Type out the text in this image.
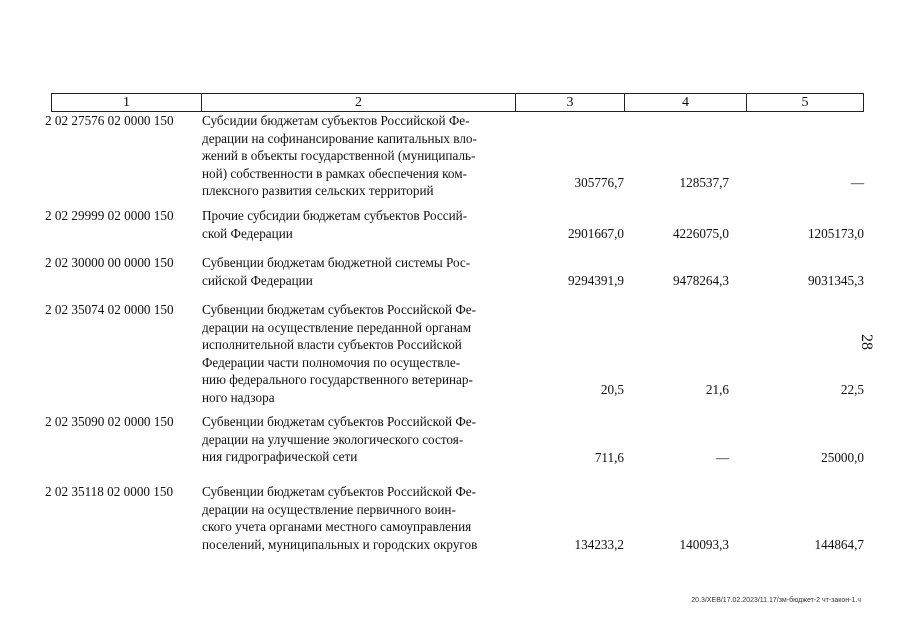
1	2	3	4	5
2 02 27576 02 0000 150	Субсидии бюджетам субъектов Российской Фе-
дерации на софинансирование капитальных вло-
жений в объекты государственной (муниципаль-
ной) собственности в рамках обеспечения ком-
плексного развития сельских территорий
305776,7	128537,7	—
2 02 29999 02 0000 150	Прочие субсидии бюджетам субъектов Россий-
ской Федерации	2901667,0	4226075,0	1205173,0
2 02 30000 00 0000 150	Субвенции бюджетам бюджетной системы Рос-
сийской Федерации	9294391,9	9478264,3	9031345,3
2 02 35074 02 0000 150	Субвенции бюджетам субъектов Российской Фе-
дерации на осуществление переданной органам
исполнительной власти субъектов Российской
Федерации части полномочия по осуществле-
нию федерального государственного ветеринар-
ного надзора
20,5	21,6	22,5
2 02 35090 02 0000 150	Субвенции бюджетам субъектов Российской Фе-
дерации на улучшение экологического состоя-
ния гидрографической сети	711,6	—	25000,0
2 02 35118 02 0000 150	Субвенции бюджетам субъектов Российской Фе-
дерации на осуществление первичного воин-
ского учета органами местного самоуправления
поселений, муниципальных и городских округов	134233,2	140093,3	144864,7
28
20.3/ХЕВ/17.02.2023/11.17/зм-бюджет-2 чт-закон-1.ч
